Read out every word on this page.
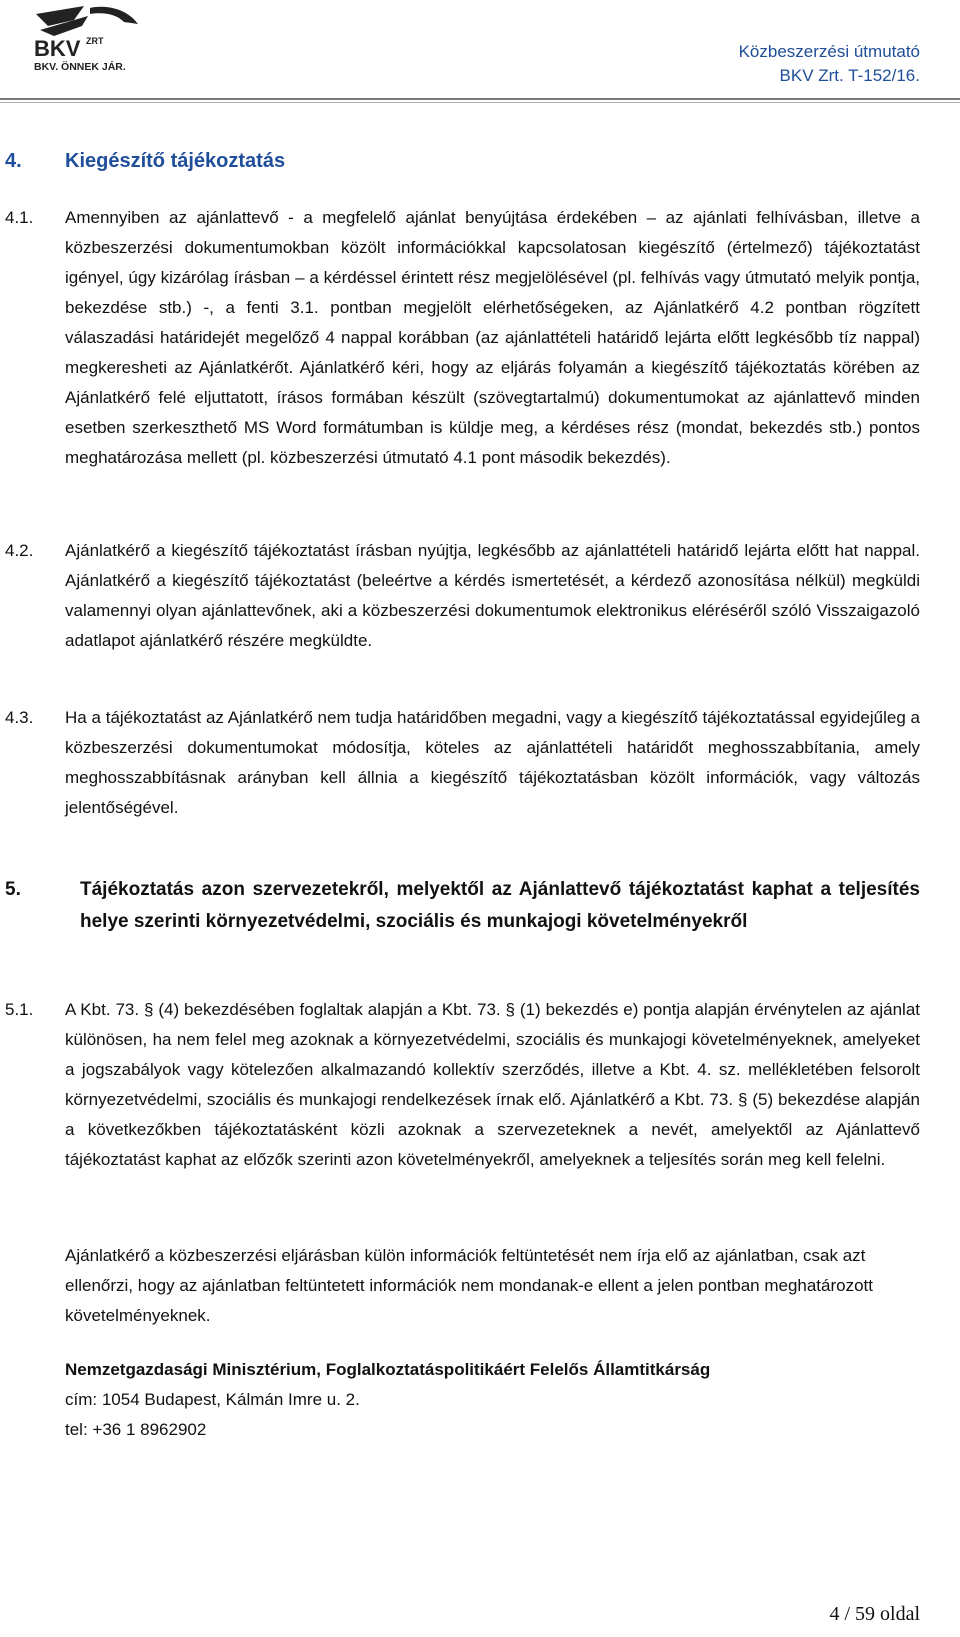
BKV ZRT
BKV. ÖNNEK JÁR.
Közbeszerzési útmutató
BKV Zrt. T-152/16.
4. Kiegészítő tájékoztatás
4.1. Amennyiben az ajánlattevő - a megfelelő ajánlat benyújtása érdekében – az ajánlati felhívásban, illetve a közbeszerzési dokumentumokban közölt információkkal kapcsolatosan kiegészítő (értelmező) tájékoztatást igényel, úgy kizárólag írásban – a kérdéssel érintett rész megjelölésével (pl. felhívás vagy útmutató melyik pontja, bekezdése stb.) -, a fenti 3.1. pontban megjelölt elérhetőségeken, az Ajánlatkérő 4.2 pontban rögzített válaszadási határidejét megelőző 4 nappal korábban (az ajánlattételi határidő lejárta előtt legkésőbb tíz nappal) megkeresheti az Ajánlatkérőt. Ajánlatkérő kéri, hogy az eljárás folyamán a kiegészítő tájékoztatás körében az Ajánlatkérő felé eljuttatott, írásos formában készült (szövegtartalmú) dokumentumokat az ajánlattevő minden esetben szerkeszthető MS Word formátumban is küldje meg, a kérdéses rész (mondat, bekezdés stb.) pontos meghatározása mellett (pl. közbeszerzési útmutató 4.1 pont második bekezdés).
4.2. Ajánlatkérő a kiegészítő tájékoztatást írásban nyújtja, legkésőbb az ajánlattételi határidő lejárta előtt hat nappal. Ajánlatkérő a kiegészítő tájékoztatást (beleértve a kérdés ismertetését, a kérdező azonosítása nélkül) megküldi valamennyi olyan ajánlattevőnek, aki a közbeszerzési dokumentumok elektronikus eléréséről szóló Visszaigazoló adatlapot ajánlatkérő részére megküldte.
4.3. Ha a tájékoztatást az Ajánlatkérő nem tudja határidőben megadni, vagy a kiegészítő tájékoztatással egyidejűleg a közbeszerzési dokumentumokat módosítja, köteles az ajánlattételi határidőt meghosszabbítania, amely meghosszabbításnak arányban kell állnia a kiegészítő tájékoztatásban közölt információk, vagy változás jelentőségével.
5.	Tájékoztatás azon szervezetekről, melyektől az Ajánlattevő tájékoztatást kaphat a teljesítés helye szerinti környezetvédelmi, szociális és munkajogi követelményekről
5.1. A Kbt. 73. § (4) bekezdésében foglaltak alapján a Kbt. 73. § (1) bekezdés e) pontja alapján érvénytelen az ajánlat különösen, ha nem felel meg azoknak a környezetvédelmi, szociális és munkajogi követelményeknek, amelyeket a jogszabályok vagy kötelezően alkalmazandó kollektív szerződés, illetve a Kbt. 4. sz. mellékletében felsorolt környezetvédelmi, szociális és munkajogi rendelkezések írnak elő. Ajánlatkérő a Kbt. 73. § (5) bekezdése alapján a következőkben tájékoztatásként közli azoknak a szervezeteknek a nevét, amelyektől az Ajánlattevő tájékoztatást kaphat az előzők szerinti azon követelményekről, amelyeknek a teljesítés során meg kell felelni.
Ajánlatkérő a közbeszerzési eljárásban külön információk feltüntetését nem írja elő az ajánlatban, csak azt ellenőrzi, hogy az ajánlatban feltüntetett információk nem mondanak-e ellent a jelen pontban meghatározott követelményeknek.
Nemzetgazdasági Minisztérium, Foglalkoztatáspolitikáért Felelős Államtitkárság
cím: 1054 Budapest, Kálmán Imre u. 2.
tel: +36 1 8962902
4 / 59 oldal
